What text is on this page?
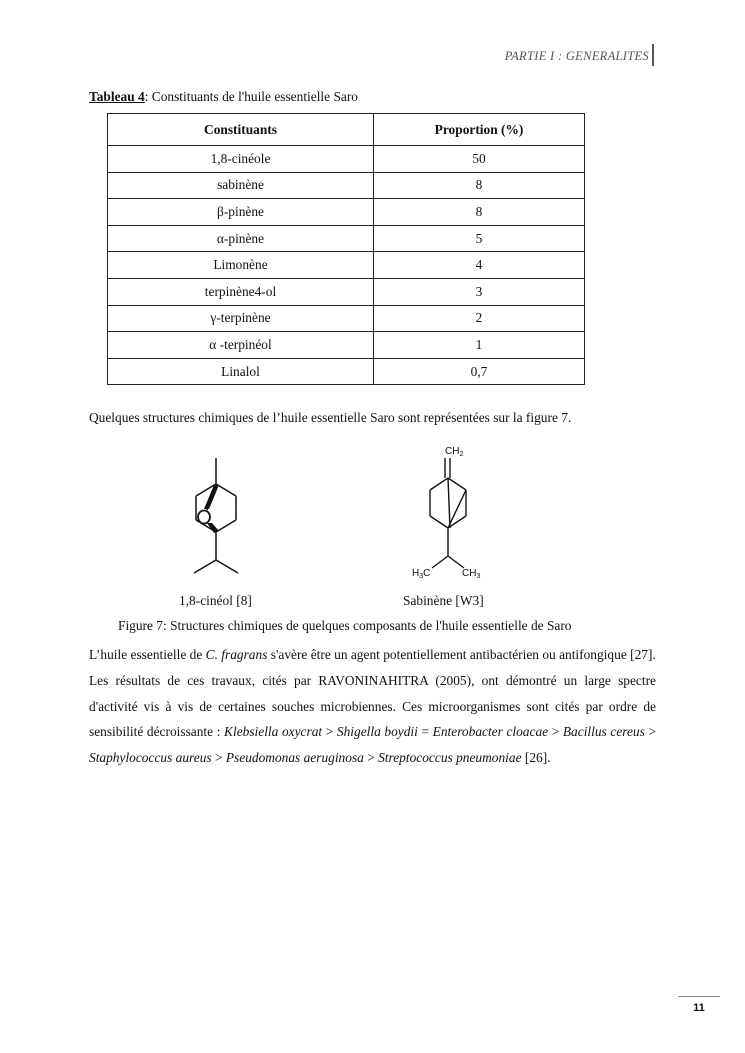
PARTIE I : GENERALITES
Tableau 4: Constituants de l'huile essentielle Saro
Constituants	Proportion (%)
1,8-cinéole	50
sabinène	8
β-pinène	8
α-pinène	5
Limonène	4
terpinène4-ol	3
γ-terpinène	2
α -terpinéol	1
Linalol	0,7
Quelques structures chimiques de l’huile essentielle Saro sont représentées sur la figure 7.
1,8-cinéol [8]
$CH_2$
$H_3C$	$CH_3$
Sabinène [W3]
Figure 7: Structures chimiques de quelques composants de l'huile essentielle de Saro

L’huile essentielle de C. fragrans s'avère être un agent potentiellement antibactérien ou antifongique [27].

Les résultats de ces travaux, cités par RAVONINAHITRA (2005), ont démontré un large spectre d'activité vis à vis de certaines souches microbiennes. Ces microorganismes sont cités par ordre de sensibilité décroissante : Klebsiella oxycrat > Shigella boydii = Enterobacter cloacae > Bacillus cereus > Staphylococcus aureus > Pseudomonas aeruginosa > Streptococcus pneumoniae [26].

11
